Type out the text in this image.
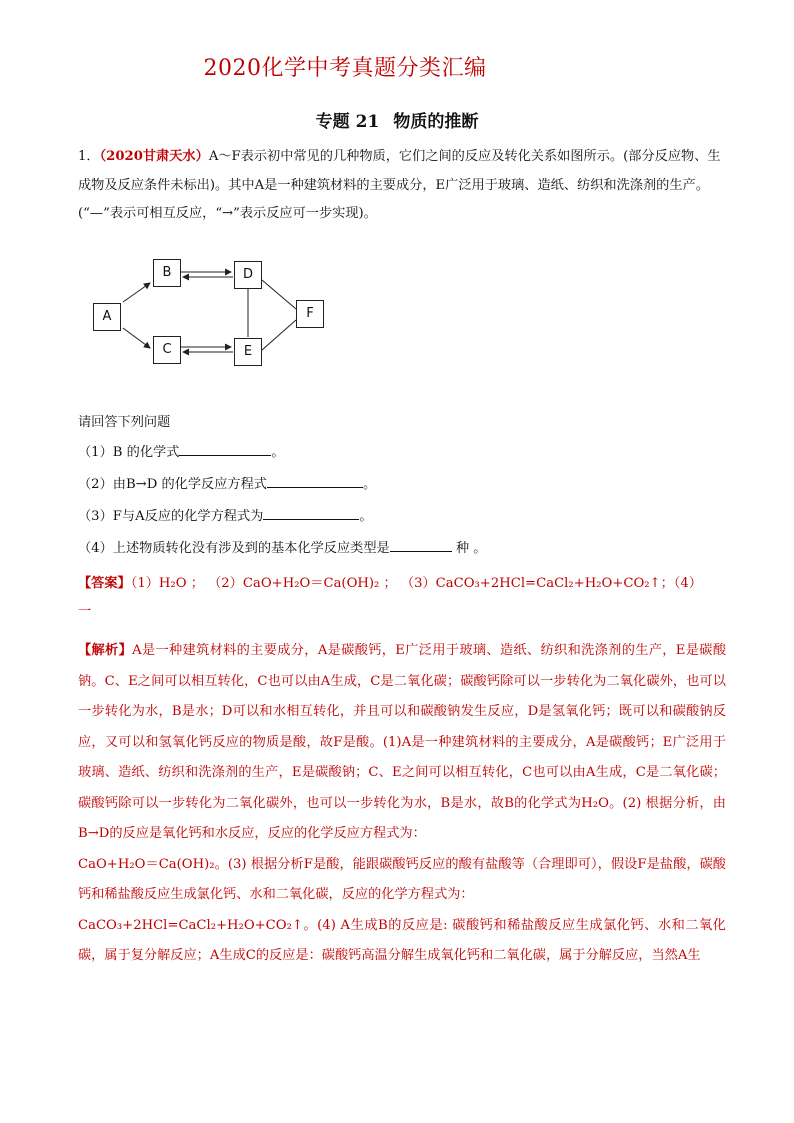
2020化学中考真题分类汇编
专题 21 物质的推断
1．（2020甘肃天水）A～F表示初中常见的几种物质，它们之间的反应及转化关系如图所示。(部分反应物、生成物及反应条件未标出)。其中A是一种建筑材料的主要成分，E广泛用于玻璃、造纸、纺织和洗涤剂的生产。(“—”表示可相互反应，“→”表示反应可一步实现)。
A
B
C
D
E
F
请回答下列问题
（1）B 的化学式	。
（2）由B→D 的化学反应方程式	。
（3）F与A反应的化学方程式为	。
（4）上述物质转化没有涉及到的基本化学反应类型是	种 。
【答案】（1）H₂O ； （2）CaO+H₂O＝Ca(OH)₂ ； （3）CaCO₃+2HCl=CaCl₂+H₂O+CO₂↑；（4）
一
【解析】A是一种建筑材料的主要成分，A是碳酸钙，E广泛用于玻璃、造纸、纺织和洗涤剂的生产，E是碳酸钠。C、E之间可以相互转化，C也可以由A生成，C是二氧化碳；碳酸钙除可以一步转化为二氧化碳外，也可以一步转化为水，B是水；D可以和水相互转化，并且可以和碳酸钠发生反应，D是氢氧化钙；既可以和碳酸钠反应，又可以和氢氧化钙反应的物质是酸，故F是酸。(1)A是一种建筑材料的主要成分，A是碳酸钙；E广泛用于玻璃、造纸、纺织和洗涤剂的生产，E是碳酸钠；C、E之间可以相互转化，C也可以由A生成，C是二氧化碳；碳酸钙除可以一步转化为二氧化碳外，也可以一步转化为水，B是水，故B的化学式为H₂O。(2) 根据分析，由B→D的反应是氧化钙和水反应，反应的化学反应方程式为：
CaO+H₂O＝Ca(OH)₂。(3) 根据分析F是酸，能跟碳酸钙反应的酸有盐酸等（合理即可），假设F是盐酸，碳酸钙和稀盐酸反应生成氯化钙、水和二氧化碳，反应的化学方程式为：
CaCO₃+2HCl=CaCl₂+H₂O+CO₂↑。(4) A生成B的反应是: 碳酸钙和稀盐酸反应生成氯化钙、水和二氧化碳，属于复分解反应；A生成C的反应是：碳酸钙高温分解生成氧化钙和二氧化碳，属于分解反应，当然A生
